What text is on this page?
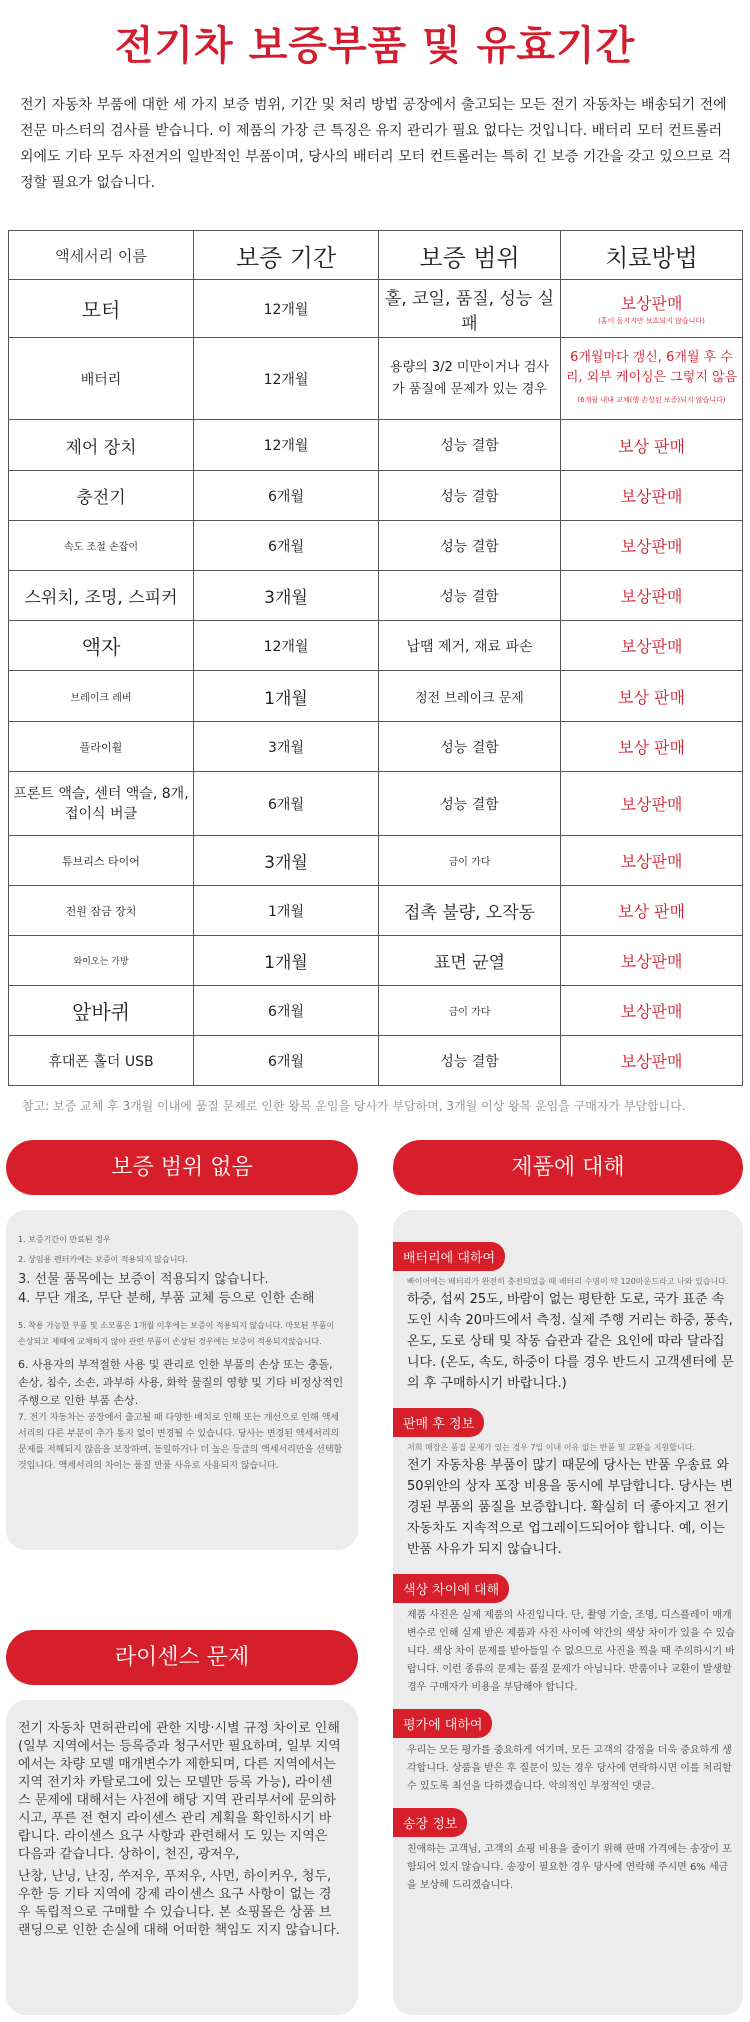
전기차 보증부품 및 유효기간
전기 자동차 부품에 대한 세 가지 보증 범위, 기간 및 처리 방법 공장에서 출고되는 모든 전기 자동차는 배송되기 전에 전문 마스터의 검사를 받습니다. 이 제품의 가장 큰 특징은 유지 관리가 필요 없다는 것입니다. 배터리 모터 컨트롤러 외에도 기타 모두 자전거의 일반적인 부품이며, 당사의 배터리 모터 컨트롤러는 특히 긴 보증 기간을 갖고 있으므로 걱정할 필요가 없습니다.
액세서리 이름	보증 기간	보증 범위	치료방법
모터	12개월	홀, 코일, 품질, 성능 실패	보상판매
(홀이 돌지지만 보호되지 않습니다)

배터리	12개월	용량의 3/2 미만이거나 검사 가 품질에 문제가 있는 경우	6개월마다 갱신, 6개월 후 수리, 외부 케이싱은 그렇지 않음
(6개월 내내 교체(행 손상된 보증)되지 않습니다)

제어 장치	12개월	성능 결함	보상 판매
충전기	6개월	성능 결함	보상판매
속도 조절 손잡이	6개월	성능 결함	보상판매
스위치, 조명, 스피커	3개월	성능 결함	보상판매
액자	12개월	납땜 제거, 재료 파손	보상판매
브레이크 레버	1개월	정전 브레이크 문제	보상 판매
플라이휠	3개월	성능 결함	보상 판매
프론트 액슬, 센터 액슬, 8개, 접이식 버클	6개월	성능 결함	보상판매
튜브리스 타이어	3개월	금이 가다	보상판매
전원 잠금 장치	1개월	접촉 불량, 오작동	보상 판매
와이오는 가방	1개월	표면 균열	보상판매
앞바퀴	6개월	금이 가다	보상판매
휴대폰 홀더 USB	6개월	성능 결함	보상판매
참고: 보증 교체 후 3개월 이내에 품질 문제로 인한 왕복 운임을 당사가 부담하며, 3개월 이상 왕복 운임을 구매자가 부담합니다.
보증 범위 없음

1. 보증기간이 만료된 경우

2. 상임용 렌터카에는 보증이 적용되지 않습니다.

3. 선물 품목에는 보증이 적용되지 않습니다.

4. 무단 개조, 무단 분해, 부품 교체 등으로 인한 손해

5. 착용 가능한 부품 및 소모품은 1개월 이후에는 보증이 적용되지 않습니다. 마모된 부품이 손상되고 제때에 교체하지 않아 관련 부품이 손상된 경우에는 보증이 적용되지않습니다.

6. 사용자의 부적절한 사용 및 관리로 인한 부품의 손상 또는 충돌, 손상, 침수, 소손, 과부하 사용, 화학 물질의 영향 및 기타 비정상적인 주행으로 인한 부품 손상.

7. 전기 자동차는 공장에서 출고될 때 다양한 배치로 인해 또는 개선으로 인해 액세서리의 다른 부분이 추가 통지 없이 변경될 수 있습니다. 당사는 변경된 액세서리의 문제를 저해되지 않음을 보장하며, 동일하거나 더 높은 등급의 액세서리만을 선택할 것입니다. 액세서리의 차이는 품질 반품 사유로 사용되지 않습니다.

라이센스 문제

전기 자동차 면허관리에 관한 지방·시별 규정 차이로 인해 (일부 지역에서는 등록증과 청구서만 필요하며, 일부 지역에서는 차량 모델 매개변수가 제한되며, 다른 지역에서는 지역 전기차 카탈로그에 있는 모델만 등록 가능), 라이센스 문제에 대해서는 사전에 해당 지역 관리부서에 문의하시고, 푸른 전 현지 라이센스 관리 계획을 확인하시기 바랍니다. 라이센스 요구 사항과 관련해서 도 있는 지역은 다음과 같습니다. 상하이, 천진, 광저우,

난창, 난닝, 난징, 쑤저우, 푸저우, 사먼, 하이커우, 청두, 우한 등 기타 지역에 강제 라이센스 요구 사항이 없는 경우 독립적으로 구매할 수 있습니다. 본 쇼핑몰은 상품 브랜딩으로 인한 손실에 대해 어떠한 책임도 지지 않습니다.

제품에 대해
배터리에 대하여

빠이어에는 배터리가 완전히 충전되었을 때 배터리 수명이 약 120마운드라고 나와 있습니다.

하중, 섭씨 25도, 바람이 없는 평탄한 도로, 국가 표준 속도인 시속 20마드에서 측정. 실제 주행 거리는 하중, 풍속, 온도, 도로 상태 및 작동 습관과 같은 요인에 따라 달라집니다. (온도, 속도, 하중이 다를 경우 반드시 고객센터에 문의 후 구매하시기 바랍니다.)

판매 후 정보

저희 매장은 품질 문제가 있는 경우 7일 이내 이유 없는 반품 및 교환을 지원합니다.

전기 자동차용 부품이 많기 때문에 당사는 반품 우송료 와 50위안의 상자 포장 비용을 동시에 부담합니다. 당사는 변경된 부품의 품질을 보증합니다. 확실히 더 좋아지고 전기 자동차도 지속적으로 업그레이드되어야 합니다. 예, 이는 반품 사유가 되지 않습니다.

색상 차이에 대해

제품 사진은 실제 제품의 사진입니다. 단, 촬영 기술, 조명, 디스플레이 매개 변수로 인해 실제 받은 제품과 사진 사이에 약간의 색상 차이가 있을 수 있습니다. 색상 차이 문제를 받아들일 수 없으므로 사진을 찍을 때 주의하시기 바랍니다. 이런 종류의 문제는 품질 문제가 아닙니다. 반품이나 교환이 발생할 경우 구매자가 비용을 부담해야 합니다.

평가에 대하여

우리는 모든 평가를 중요하게 여기며, 모든 고객의 감정을 더욱 중요하게 생각합니다. 상품을 받은 후 질문이 있는 경우 당사에 연락하시면 이를 처리할 수 있도록 최선을 다하겠습니다. 악의적인 부정적인 댓글.

송장 정보

친애하는 고객님, 고객의 쇼핑 비용을 줄이기 위해 판매 가격에는 송장이 포함되어 있지 않습니다. 송장이 필요한 경우 당사에 연락해 주시면 6% 세금을 보상해 드리겠습니다.
